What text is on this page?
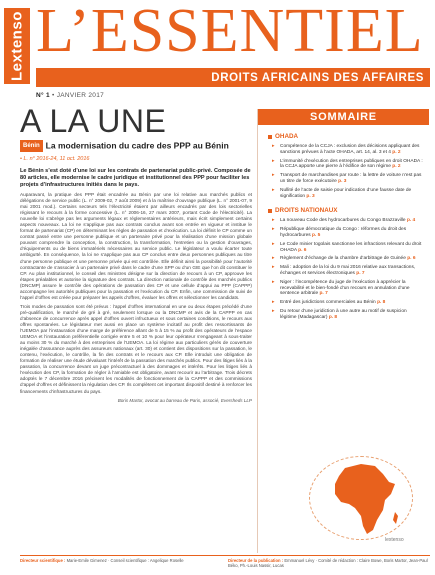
Lextenso L’ESSENTIEL
DROITS AFRICAINS DES AFFAIRES
N° 1 • JANVIER 2017
A LA UNE
Bénin La modernisation du cadre des PPP au Bénin
• L. n° 2016-24, 11 oct. 2016
Le Bénin s’est doté d’une loi sur les contrats de partenariat public-privé. Composée de 80 articles, elle modernise le cadre juridique et institutionnel des PPP pour faciliter les projets d’infrastructures initiés dans le pays.
Auparavant, la pratique des PPP était encadrée au Bénin par une loi relative aux marchés publics et délégations de service public (L. n° 2009-02, 7 août 2009) et à la maîtrise d’ouvrage publique (L. n° 2001-07, 9 mai 2001 mod.). Certains secteurs tels l’électricité étaient par ailleurs encadrés par des lois sectorielles régissant le recours à la forme concessive (L. n° 2006-16, 27 mars 2007, portant Code de l’électricité). La nouvelle loi s’abrège pas les arguments légaux et réglementaires antérieurs, mais écrit simplement certains aspects nouveaux. La loi ne s’applique pas aux contrats conclus avant son entrée en vigueur et institue le format de partenariat (CP) en déterminant les règles de passation et d’exécution. La loi définit le CP comme un contrat passé entre une personne publique et un partenaire privé pour la réalisation d’une mission globale pouvant comprendre la conception, la construction, la transformation, l’entretien ou la gestion d’ouvrages, d’équipements ou de biens immatériels nécessaires au service public. Le législateur a voulu écarter toute ambiguïté. En conséquence, la loi ne s’applique pas aux CP conclus entre deux personnes publiques au titre d’une personne publique et une personne privée qui est contrôlée. Elle définit ainsi la possibilité pour l’autorité contractante de s’associer à un partenaire privé dans le cadre d’une SPP ou d’un GIE que l’on dit constituer le CP. Au plan institutionnel, le conseil des ministres désigne sur la direction de recours à un CP, approuve les étapes préalables et autorise la signature des contrats. La direction nationale de contrôle des marchés publics (DNCMP) assure le contrôle des opérations de passation des CP et une cellule d’appui au PPP (CAPPP) accompagne les autorités publiques pour la passation et l’exécution du CP. Enfin, une commission de suivi de l’appel d’offres est créée pour préparer les appels d’offres, évaluer les offres et sélectionner les candidats.
Trois modes de passation sont été prévus : l’appel d’offres international en une ou deux étapes précédé d’une pré-qualification, le marché de gré à gré, seulement lorsque ou la DNCMP et avis de la CAPPP en cas d’absence de concurrence après appel d’offres ouvert infructueux et sous certaines conditions, le recours aux offres spontanées. Le législateur met aussi en place un système incitatif au profit des ressortissants de l’UEMOA par l’instauration d’une marge de préférence allant de 5 à 15 % au profit des opérateurs de l’espace UEMOA et l’instauration préférentielle corrigée entre 5 et 10 % pour leur opérateur s’engageant à sous-traiter au moins 30 % du marché à des entreprises de l’UEMOA. La loi régime aux particuliers gérés de couverture inégalée d’assurance auprès des assureurs nationaux (art. 30) et contient des dispositions sur la passation, le contenu, l’exécution, le contrôle, la fin des contrats et le recours aux CP. Elle introduit une obligation de formation de réaliser une étude dévaluant l’intérêt de la passation des marchés publics. Pour des litiges liés à la passation, la concurrence devant un juge précontractuel à des dommages et intérêts. Pour les litiges liés à l’exécution des CP, la formation de régler à l’amiable est obligatoire, avant recourir au l’arbitrage. Trois décrets adoptés le 7 décembre 2016 précisent les modalités de fonctionnement de la CAPPP et des commissions d’appel d’offres et définissent la régulation des CP. Ils complètent cet important dispositif destiné à renforcer les financements d’infrastructures du pays.
Boris Martor, avocat au barreau de Paris, associé, Eversheds LLP
SOMMAIRE
OHADA
▸ Compétence de la CCJA : exclusion des décisions appliquant des sanctions prévues à l’acte OHADA, art. 14, al. 3 et 4 p. 2
▸ L’immunité d’exécution des entreprises publiques en droit OHADA : la CCJA apporte une pierre à l’édifice de son régime p. 2
▸ Transport de marchandises par route : la lettre de voiture n’est pas un titre de force exécutoire p. 3
▸ Nullité de l’acte de saisie pour indication d’une fausse date de signification p. 3
DROITS NATIONAUX
▸ La nouveau Code des hydrocarbures du Congo Brazzaville p. 4
▸ République démocratique du Congo : réformes du droit des hydrocarbures p. 5
▸ Le Code minier togolais sanctionne les infractions relevant du droit OHADA p. 6
▸ Règlement d’échange de la chambre d’arbitrage de Guinée p. 6
▸ Mali : adoption de la loi du 9 mai 2016 relative aux transactions, échanges et services électroniques p. 7
▸ Niger : l’incompétence du juge de l’exécution à apprécier la recevabilité et le bien-fondé d’un recours en annulation d’une sentence arbitrale p. 7
▸ Entré des juridictions commerciales au Bénin p. 8
▸ Du retour d’une juridiction à une autre au motif de suspicion légitime (Madagascar) p. 8
lextenso
Directeur scientifique : Marie-Emile Gimenez · Conseil scientifique : Angelique Roselle	Directeur de la publication : Emmanuel Lévy · Comité de rédaction : Claire Bowe, Boris Martor, Jean-Paul Béko, Ph.-Louis Nassir, Lucas
